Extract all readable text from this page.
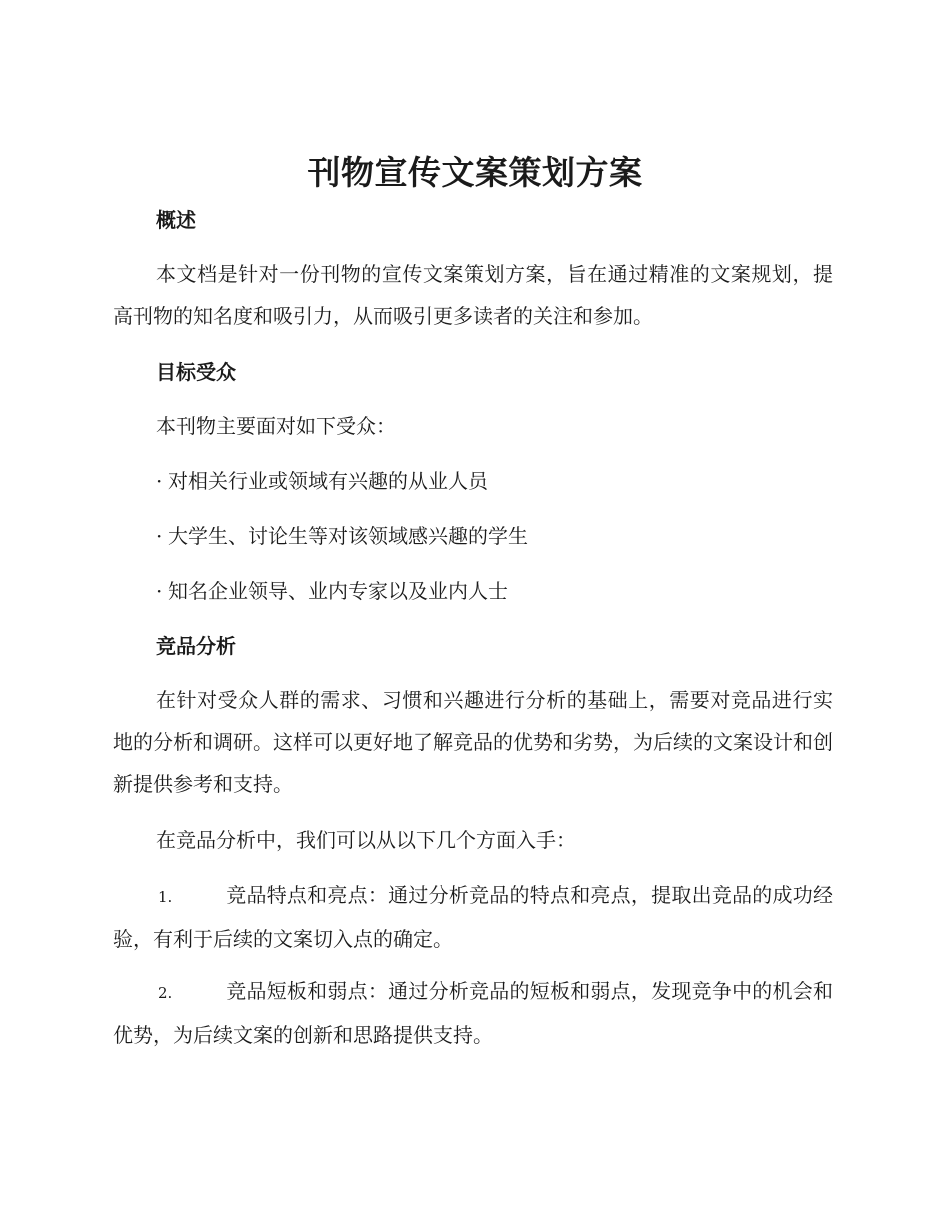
刊物宣传文案策划方案
概述

本文档是针对一份刊物的宣传文案策划方案，旨在通过精准的文案规划，提高刊物的知名度和吸引力，从而吸引更多读者的关注和参加。

目标受众
本刊物主要面对如下受众：
· 对相关行业或领域有兴趣的从业人员
· 大学生、讨论生等对该领域感兴趣的学生
· 知名企业领导、业内专家以及业内人士
竞品分析

在针对受众人群的需求、习惯和兴趣进行分析的基础上，需要对竞品进行实地的分析和调研。这样可以更好地了解竞品的优势和劣势，为后续的文案设计和创新提供参考和支持。

在竞品分析中，我们可以从以下几个方面入手：

1.	竞品特点和亮点：通过分析竞品的特点和亮点，提取出竞品的成功经验，有利于后续的文案切入点的确定。

2.	竞品短板和弱点：通过分析竞品的短板和弱点，发现竞争中的机会和优势，为后续文案的创新和思路提供支持。
